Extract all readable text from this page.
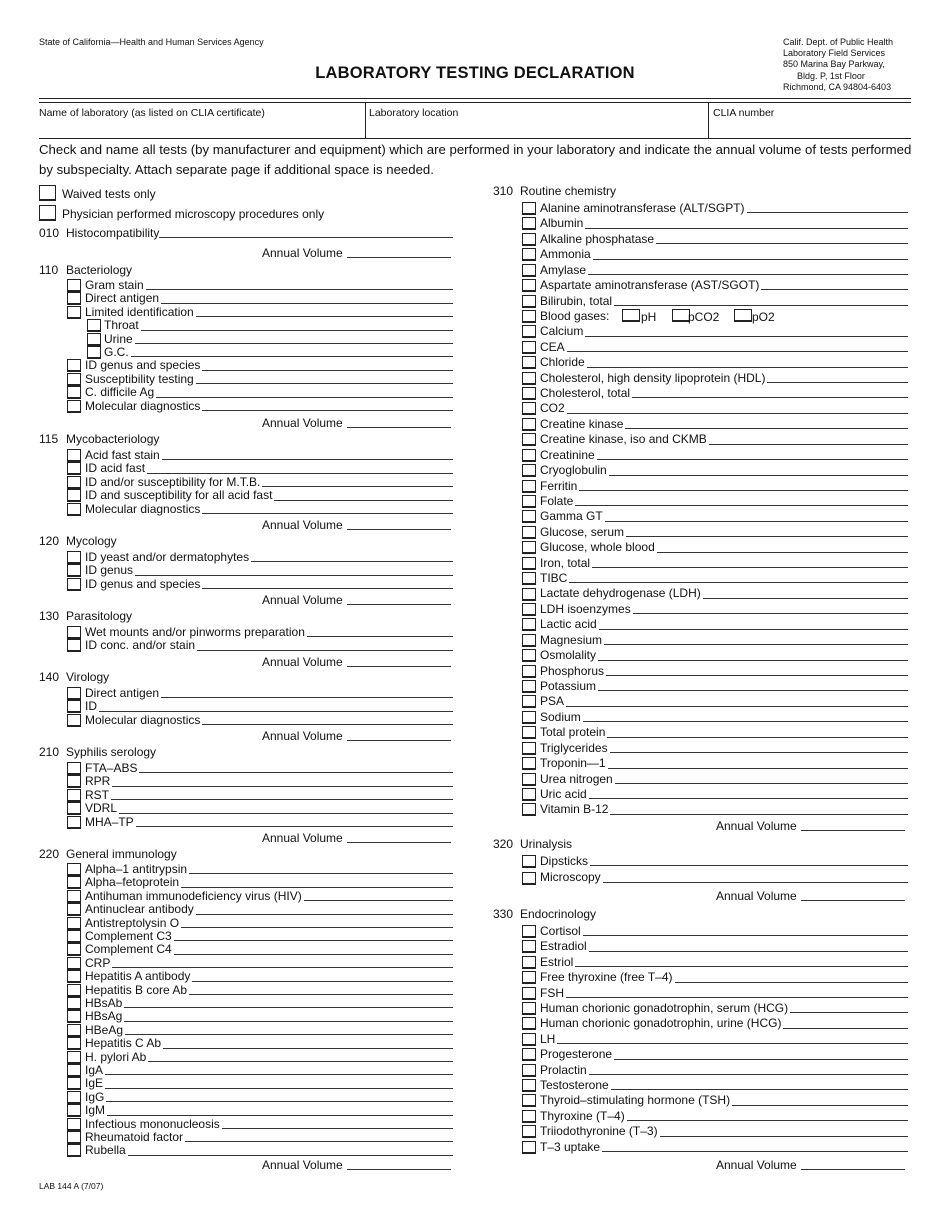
State of California—Health and Human Services Agency
LABORATORY TESTING DECLARATION
Calif. Dept. of Public Health
Laboratory Field Services
850 Marina Bay Parkway,
Bldg. P, 1st Floor
Richmond, CA 94804-6403
Name of laboratory (as listed on CLIA certificate)	Laboratory location	CLIA number
Check and name all tests (by manufacturer and equipment) which are performed in your laboratory and indicate the annual volume of tests performed by subspecialty. Attach separate page if additional space is needed.
Waived tests only
Physician performed microscopy procedures only
010 Histocompatibility
Annual Volume
110 Bacteriology
Gram stain
Direct antigen
Limited identification
Throat
Urine
G.C.
ID genus and species
Susceptibility testing
C. difficile Ag
Molecular diagnostics
Annual Volume
115 Mycobacteriology
Acid fast stain
ID acid fast
ID and/or susceptibility for M.T.B.
ID and susceptibility for all acid fast
Molecular diagnostics
Annual Volume
120 Mycology
ID yeast and/or dermatophytes
ID genus
ID genus and species
Annual Volume
130 Parasitology
Wet mounts and/or pinworms preparation
ID conc. and/or stain
Annual Volume
140 Virology
Direct antigen
ID
Molecular diagnostics
Annual Volume
210 Syphilis serology
FTA–ABS
RPR
RST
VDRL
MHA–TP
Annual Volume
220 General immunology
Alpha–1 antitrypsin
Alpha–fetoprotein
Antihuman immunodeficiency virus (HIV)
Antinuclear antibody
Antistreptolysin O
Complement C3
Complement C4
CRP
Hepatitis A antibody
Hepatitis B core Ab
HBsAb
HBsAg
HBeAg
Hepatitis C Ab
H. pylori Ab
IgA
IgE
IgG
IgM
Infectious mononucleosis
Rheumatoid factor
Rubella
Annual Volume
310 Routine chemistry
Alanine aminotransferase (ALT/SGPT)
Albumin
Alkaline phosphatase
Ammonia
Amylase
Aspartate aminotransferase (AST/SGOT)
Bilirubin, total
Blood gases:	pH	pCO2	pO2
Calcium
CEA
Chloride
Cholesterol, high density lipoprotein (HDL)
Cholesterol, total
CO2
Creatine kinase
Creatine kinase, iso and CKMB
Creatinine
Cryoglobulin
Ferritin
Folate
Gamma GT
Glucose, serum
Glucose, whole blood
Iron, total
TIBC
Lactate dehydrogenase (LDH)
LDH isoenzymes
Lactic acid
Magnesium
Osmolality
Phosphorus
Potassium
PSA
Sodium
Total protein
Triglycerides
Troponin—1
Urea nitrogen
Uric acid
Vitamin B-12
Annual Volume
320 Urinalysis
Dipsticks
Microscopy
Annual Volume
330 Endocrinology
Cortisol
Estradiol
Estriol
Free thyroxine (free T–4)
FSH
Human chorionic gonadotrophin, serum (HCG)
Human chorionic gonadotrophin, urine (HCG)
LH
Progesterone
Prolactin
Testosterone
Thyroid–stimulating hormone (TSH)
Thyroxine (T–4)
Triiodothyronine (T–3)
T–3 uptake
Annual Volume
LAB 144 A (7/07)
